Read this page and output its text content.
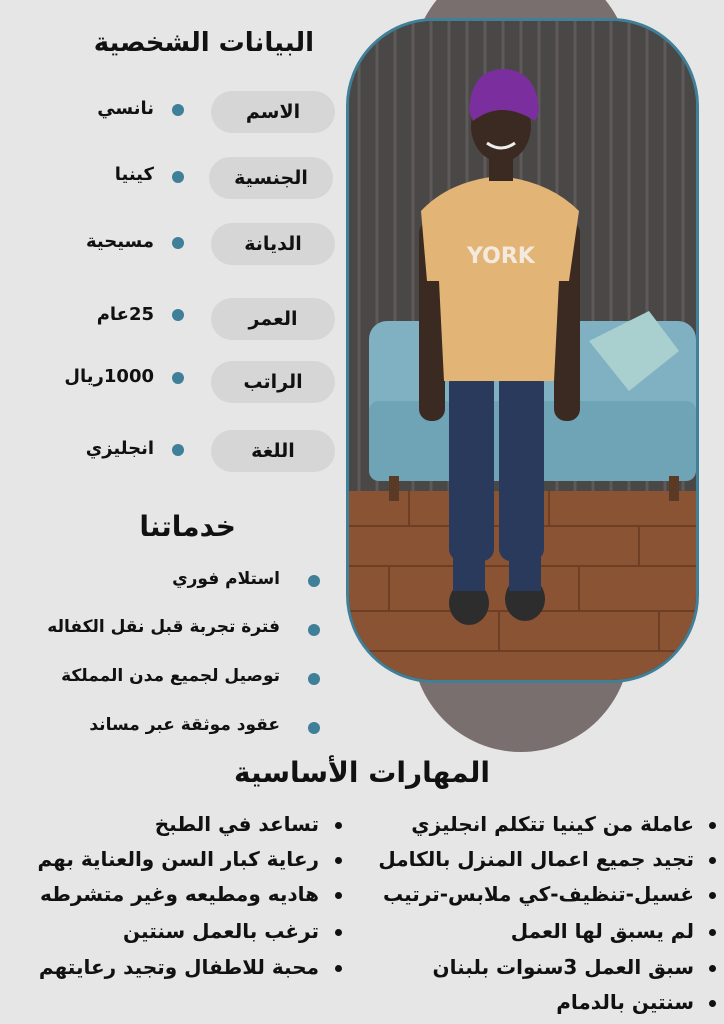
YORK
البيانات الشخصية
الاسم
نانسي
الجنسية
كينيا
الديانة
مسيحية
العمر
25عام
الراتب
1000ريال
اللغة
انجليزي
خدماتنا
استلام فوري
فترة تجربة قبل نقل الكفاله
توصيل لجميع مدن المملكة
عقود موثقة عبر مساند
المهارات الأساسية
عاملة من كينيا تتكلم انجليزي
تجيد جميع اعمال المنزل بالكامل
غسيل-تنظيف-كي ملابس-ترتيب
لم يسبق لها العمل
سبق العمل 3سنوات بلبنان
سنتين بالدمام
تساعد في الطبخ
رعاية كبار السن والعناية بهم
هاديه ومطيعه وغير متشرطه
ترغب بالعمل سنتين
محبة للاطفال وتجيد رعايتهم
